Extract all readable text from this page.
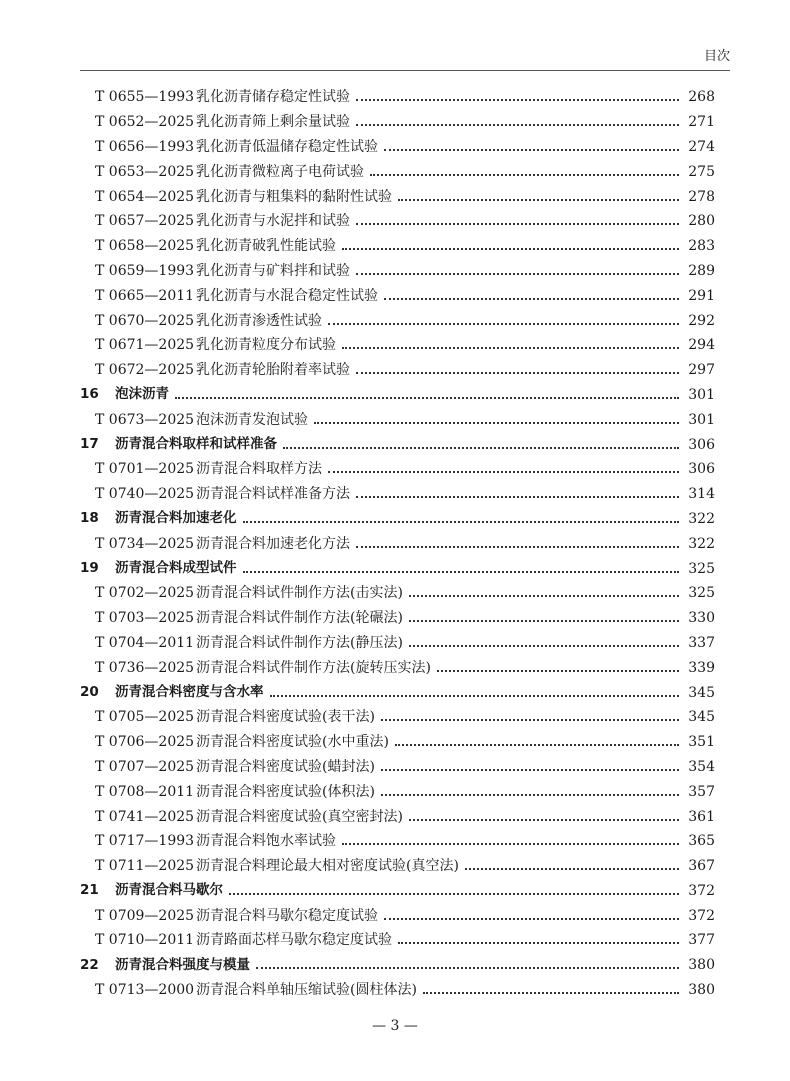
目次
T 0655—1993 乳化沥青储存稳定性试验	268
T 0652—2025 乳化沥青筛上剩余量试验	271
T 0656—1993 乳化沥青低温储存稳定性试验	274
T 0653—2025 乳化沥青微粒离子电荷试验	275
T 0654—2025 乳化沥青与粗集料的黏附性试验	278
T 0657—2025 乳化沥青与水泥拌和试验	280
T 0658—2025 乳化沥青破乳性能试验	283
T 0659—1993 乳化沥青与矿料拌和试验	289
T 0665—2011 乳化沥青与水混合稳定性试验	291
T 0670—2025 乳化沥青渗透性试验	292
T 0671—2025 乳化沥青粒度分布试验	294
T 0672—2025 乳化沥青轮胎附着率试验	297
16	泡沫沥青	301
T 0673—2025 泡沫沥青发泡试验	301
17	沥青混合料取样和试样准备	306
T 0701—2025 沥青混合料取样方法	306
T 0740—2025 沥青混合料试样准备方法	314
18	沥青混合料加速老化	322
T 0734—2025 沥青混合料加速老化方法	322
19	沥青混合料成型试件	325
T 0702—2025 沥青混合料试件制作方法(击实法)	325
T 0703—2025 沥青混合料试件制作方法(轮碾法)	330
T 0704—2011 沥青混合料试件制作方法(静压法)	337
T 0736—2025 沥青混合料试件制作方法(旋转压实法)	339
20	沥青混合料密度与含水率	345
T 0705—2025 沥青混合料密度试验(表干法)	345
T 0706—2025 沥青混合料密度试验(水中重法)	351
T 0707—2025 沥青混合料密度试验(蜡封法)	354
T 0708—2011 沥青混合料密度试验(体积法)	357
T 0741—2025 沥青混合料密度试验(真空密封法)	361
T 0717—1993 沥青混合料饱水率试验	365
T 0711—2025 沥青混合料理论最大相对密度试验(真空法)	367
21	沥青混合料马歇尔	372
T 0709—2025 沥青混合料马歇尔稳定度试验	372
T 0710—2011 沥青路面芯样马歇尔稳定度试验	377
22	沥青混合料强度与模量	380
T 0713—2000 沥青混合料单轴压缩试验(圆柱体法)	380
— 3 —
